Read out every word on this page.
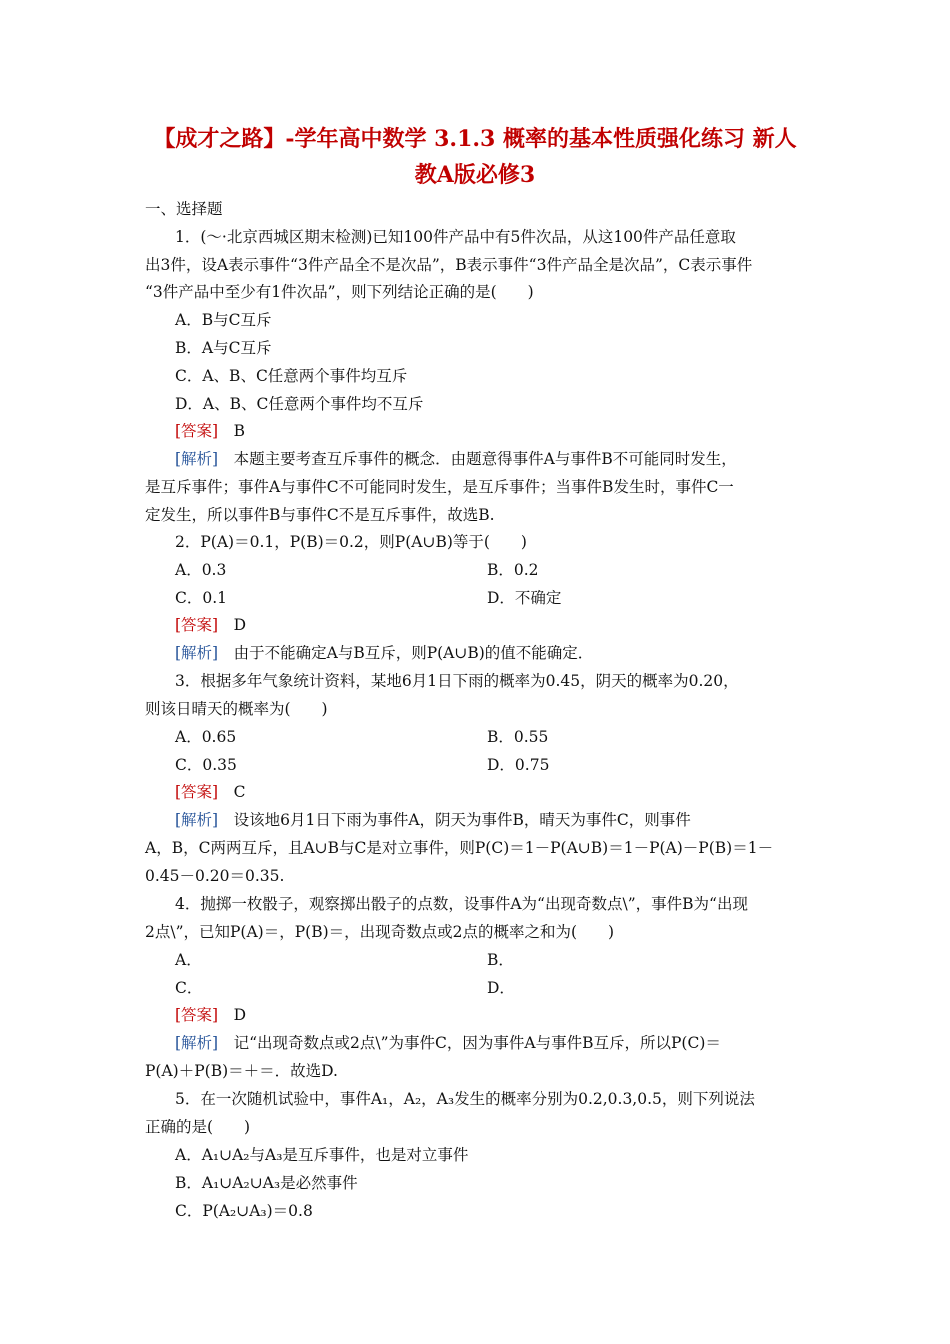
【成才之路】-学年高中数学 3.1.3 概率的基本性质强化练习 新人
教A版必修3
一、选择题
1．(～·北京西城区期末检测)已知100件产品中有5件次品，从这100件产品任意取
出3件，设A表示事件“3件产品全不是次品”，B表示事件“3件产品全是次品”，C表示事件
“3件产品中至少有1件次品”，则下列结论正确的是(　　)
A．B与C互斥
B．A与C互斥
C．A、B、C任意两个事件均互斥
D．A、B、C任意两个事件均不互斥
[答案]　 B
[解析]　 本题主要考查互斥事件的概念．由题意得事件A与事件B不可能同时发生，
是互斥事件；事件A与事件C不可能同时发生，是互斥事件；当事件B发生时，事件C一
定发生，所以事件B与事件C不是互斥事件，故选B.
2．P(A)＝0.1，P(B)＝0.2，则P(A∪B)等于(　　)
A．0.3	B．0.2
C．0.1	D．不确定
[答案]　 D
[解析]　 由于不能确定A与B互斥，则P(A∪B)的值不能确定．
3．根据多年气象统计资料，某地6月1日下雨的概率为0.45，阴天的概率为0.20，
则该日晴天的概率为(　　)
A．0.65	B．0.55
C．0.35	D．0.75
[答案]　 C
[解析]　 设该地6月1日下雨为事件A，阴天为事件B，晴天为事件C，则事件
A，B，C两两互斥，且A∪B与C是对立事件，则P(C)＝1－P(A∪B)＝1－P(A)－P(B)＝1－
0.45－0.20＝0.35.
4．抛掷一枚骰子，观察掷出骰子的点数，设事件A为“出现奇数点\”，事件B为“出现
2点\”，已知P(A)＝，P(B)＝，出现奇数点或2点的概率之和为(　　)
A．	B．
C．	D．
[答案]　 D
[解析]　 记“出现奇数点或2点\”为事件C，因为事件A与事件B互斥，所以P(C)＝
P(A)＋P(B)＝＋＝．故选D.
5．在一次随机试验中，事件A₁，A₂，A₃发生的概率分别为0.2,0.3,0.5，则下列说法
正确的是(　　)
A．A₁∪A₂与A₃是互斥事件，也是对立事件
B．A₁∪A₂∪A₃是必然事件
C．P(A₂∪A₃)＝0.8
